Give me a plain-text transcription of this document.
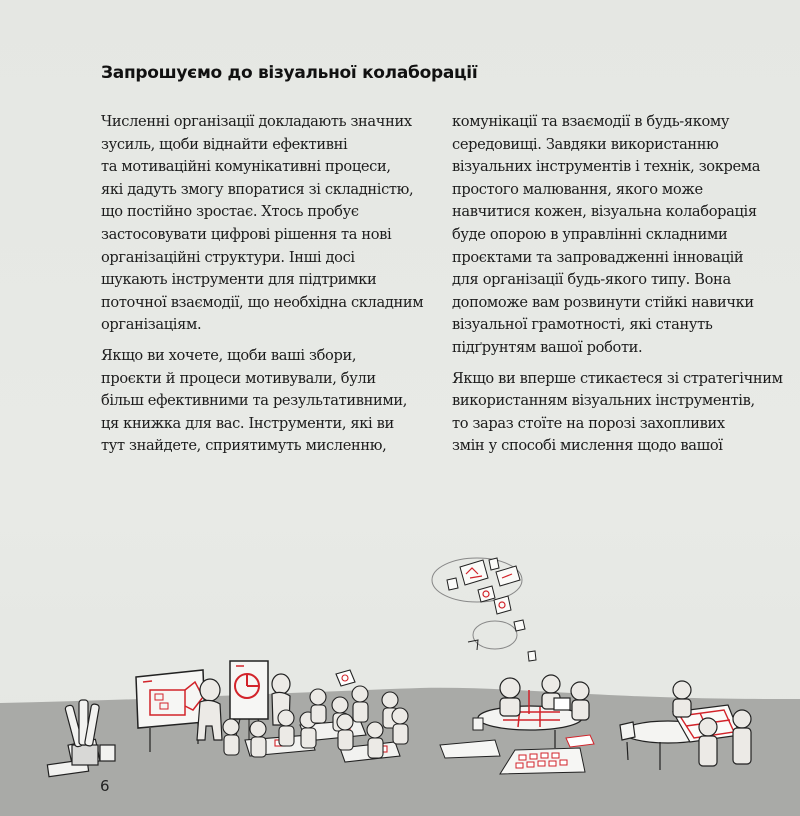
Запрошуємо до візуальної колаборації

Численні організації докладають значних
зусиль, щоби віднайти ефективні
та мотиваційні комунікативні процеси,
які дадуть змогу впоратися зі складністю,
що постійно зростає. Хтось пробує
застосовувати цифрові рішення та нові
організаційні структури. Інші досі
шукають інструменти для підтримки
поточної взаємодії, що необхідна складним
організаціям.

Якщо ви хочете, щоби ваші збори,
проєкти й процеси мотивували, були
більш ефективними та результативними,
ця книжка для вас. Інструменти, які ви
тут знайдете, сприятимуть мисленню,

комунікації та взаємодії в будь-якому
середовищі. Завдяки використанню
візуальних інструментів і технік, зокрема
простого малювання, якого може
навчитися кожен, візуальна колаборація
буде опорою в управлінні складними
проєктами та запровадженні інновацій
для організації будь-якого типу. Вона
допоможе вам розвинути стійкі навички
візуальної грамотності, які стануть
підґрунтям вашої роботи.

Якщо ви вперше стикаєтеся зі стратегічним
використанням візуальних інструментів,
то зараз стоїте на порозі захопливих
змін у способі мислення щодо вашої

6
